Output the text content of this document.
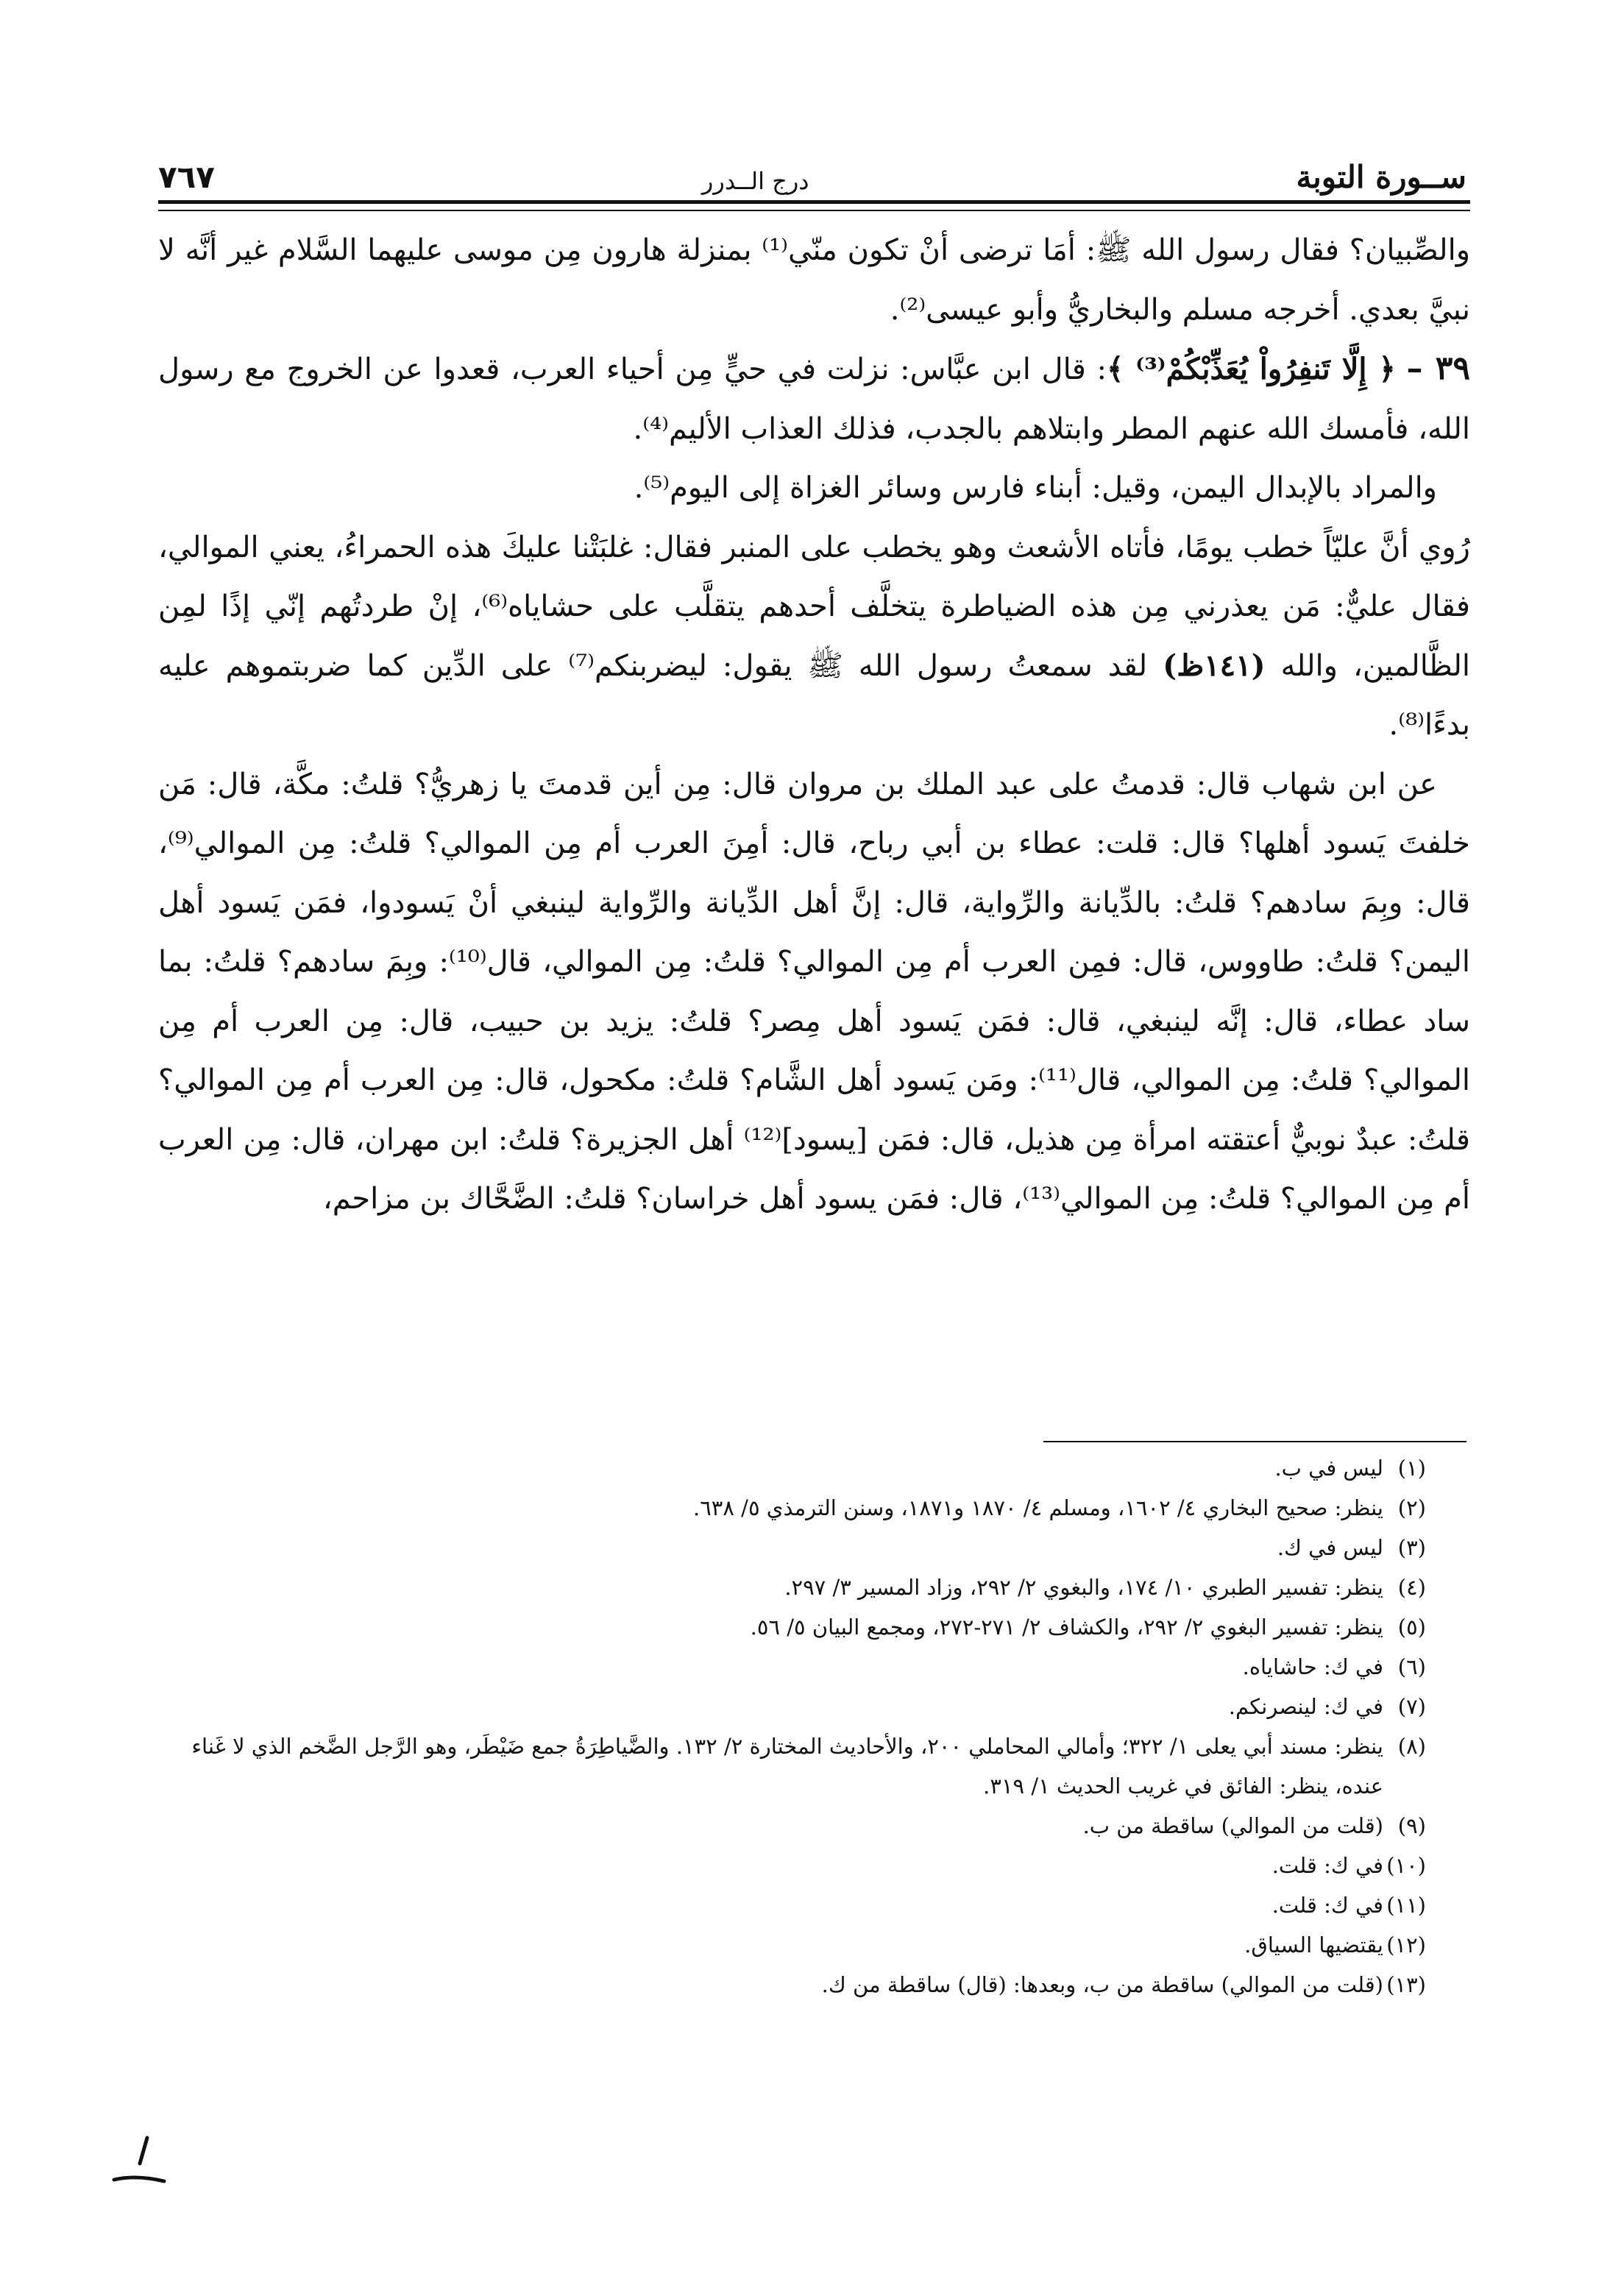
ســورة التوبة
درج الــدرر
٧٦٧

والصِّبيان؟ فقال رسول الله ﷺ: أمَا ترضى أنْ تكون منّي⁽¹⁾ بمنزلة هارون مِن موسى عليهما السَّلام غير أنَّه لا نبيَّ بعدي. أخرجه مسلم والبخاريُّ وأبو عيسى⁽²⁾.

٣٩ – ﴿ إِلَّا تَنفِرُواْ يُعَذِّبْكُمْ⁽³⁾ ﴾: قال ابن عبَّاس: نزلت في حيٍّ مِن أحياء العرب، قعدوا عن الخروج مع رسول الله، فأمسك الله عنهم المطر وابتلاهم بالجدب، فذلك العذاب الأليم⁽⁴⁾.

والمراد بالإبدال اليمن، وقيل: أبناء فارس وسائر الغزاة إلى اليوم⁽⁵⁾.

رُوي أنَّ عليّاً خطب يومًا، فأتاه الأشعث وهو يخطب على المنبر فقال: غلبَتْنا عليكَ هذه الحمراءُ، يعني الموالي، فقال عليٌّ: مَن يعذرني مِن هذه الضياطرة يتخلَّف أحدهم يتقلَّب على حشاياه⁽⁶⁾، إنْ طردتُهم إنّي إذًا لمِن الظَّالمين، والله (١٤١ظ) لقد سمعتُ رسول الله ﷺ يقول: ليضربنكم⁽⁷⁾ على الدِّين كما ضربتموهم عليه بدءًا⁽⁸⁾.

عن ابن شهاب قال: قدمتُ على عبد الملك بن مروان قال: مِن أين قدمتَ يا زهريُّ؟ قلتُ: مكَّة، قال: مَن خلفتَ يَسود أهلها؟ قال: قلت: عطاء بن أبي رباح، قال: أمِنَ العرب أم مِن الموالي؟ قلتُ: مِن الموالي⁽⁹⁾، قال: وبِمَ سادهم؟ قلتُ: بالدِّيانة والرِّواية، قال: إنَّ أهل الدِّيانة والرِّواية لينبغي أنْ يَسودوا، فمَن يَسود أهل اليمن؟ قلتُ: طاووس، قال: فمِن العرب أم مِن الموالي؟ قلتُ: مِن الموالي، قال⁽¹⁰⁾: وبِمَ سادهم؟ قلتُ: بما ساد عطاء، قال: إنَّه لينبغي، قال: فمَن يَسود أهل مِصر؟ قلتُ: يزيد بن حبيب، قال: مِن العرب أم مِن الموالي؟ قلتُ: مِن الموالي، قال⁽¹¹⁾: ومَن يَسود أهل الشَّام؟ قلتُ: مكحول، قال: مِن العرب أم مِن الموالي؟ قلتُ: عبدٌ نوبيٌّ أعتقته امرأة مِن هذيل، قال: فمَن [يسود]⁽¹²⁾ أهل الجزيرة؟ قلتُ: ابن مهران، قال: مِن العرب أم مِن الموالي؟ قلتُ: مِن الموالي⁽¹³⁾، قال: فمَن يسود أهل خراسان؟ قلتُ: الضَّحَّاك بن مزاحم،

(١)ليس في ب.

(٢)ينظر: صحيح البخاري ٤/ ١٦٠٢، ومسلم ٤/ ١٨٧٠ و١٨٧١، وسنن الترمذي ٥/ ٦٣٨.

(٣)ليس في ك.

(٤)ينظر: تفسير الطبري ١٠/ ١٧٤، والبغوي ٢/ ٢٩٢، وزاد المسير ٣/ ٢٩٧.

(٥)ينظر: تفسير البغوي ٢/ ٢٩٢، والكشاف ٢/ ٢٧١-٢٧٢، ومجمع البيان ٥/ ٥٦.

(٦)في ك: حاشاياه.

(٧)في ك: لينصرنكم.

(٨)ينظر: مسند أبي يعلى ١/ ٣٢٢؛ وأمالي المحاملي ٢٠٠، والأحاديث المختارة ٢/ ١٣٢. والضَّياطِرَةُ جمع ضَيْطَر، وهو الرَّجل الضَّخم الذي لا غَناء عنده، ينظر: الفائق في غريب الحديث ١/ ٣١٩.

(٩)(قلت من الموالي) ساقطة من ب.

(١٠)في ك: قلت.

(١١)في ك: قلت.

(١٢)يقتضيها السياق.

(١٣)(قلت من الموالي) ساقطة من ب، وبعدها: (قال) ساقطة من ك.
